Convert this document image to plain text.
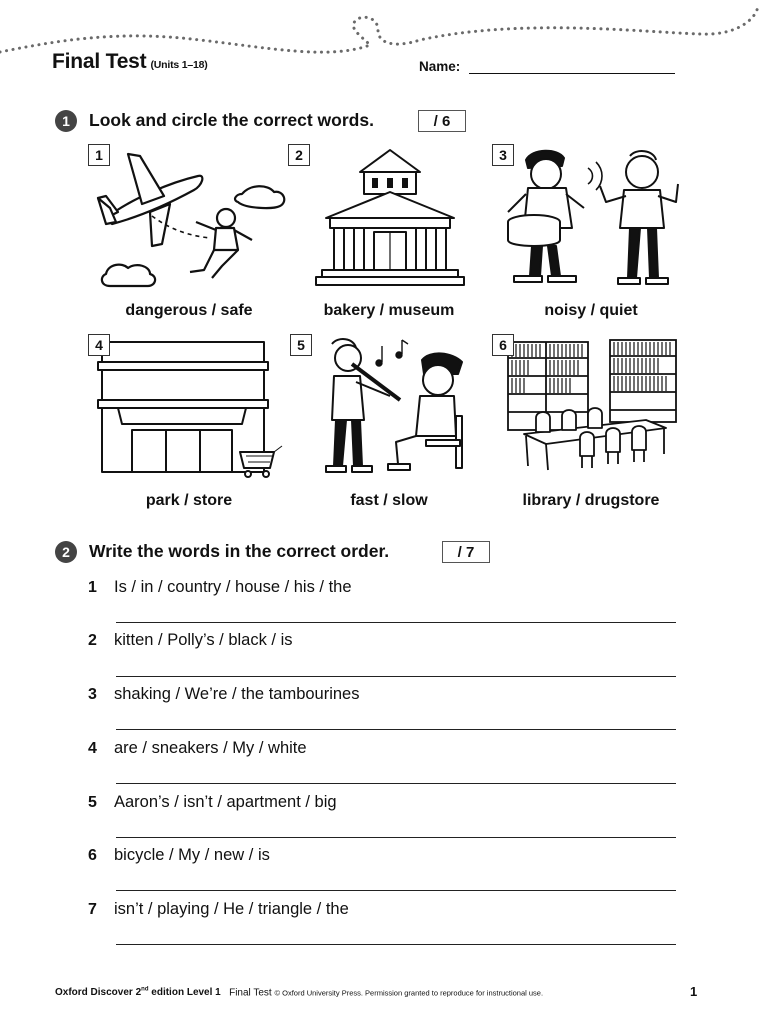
Final Test (Units 1–18)	Name:
1	Look and circle the correct words.	/ 6
1
dangerous / safe
2
bakery / museum
3
noisy / quiet
4
park / store
5
fast / slow
6
library / drugstore
2	Write the words in the correct order.	/ 7
1 Is / in / country / house / his / the
2 kitten / Polly’s / black / is
3 shaking / We’re / the tambourines
4 are / sneakers / My / white
5 Aaron’s / isn’t / apartment / big
6 bicycle / My / new / is
7 isn’t / playing / He / triangle / the
Oxford Discover 2nd edition Level 1 Final Test © Oxford University Press. Permission granted to reproduce for instructional use.	1
